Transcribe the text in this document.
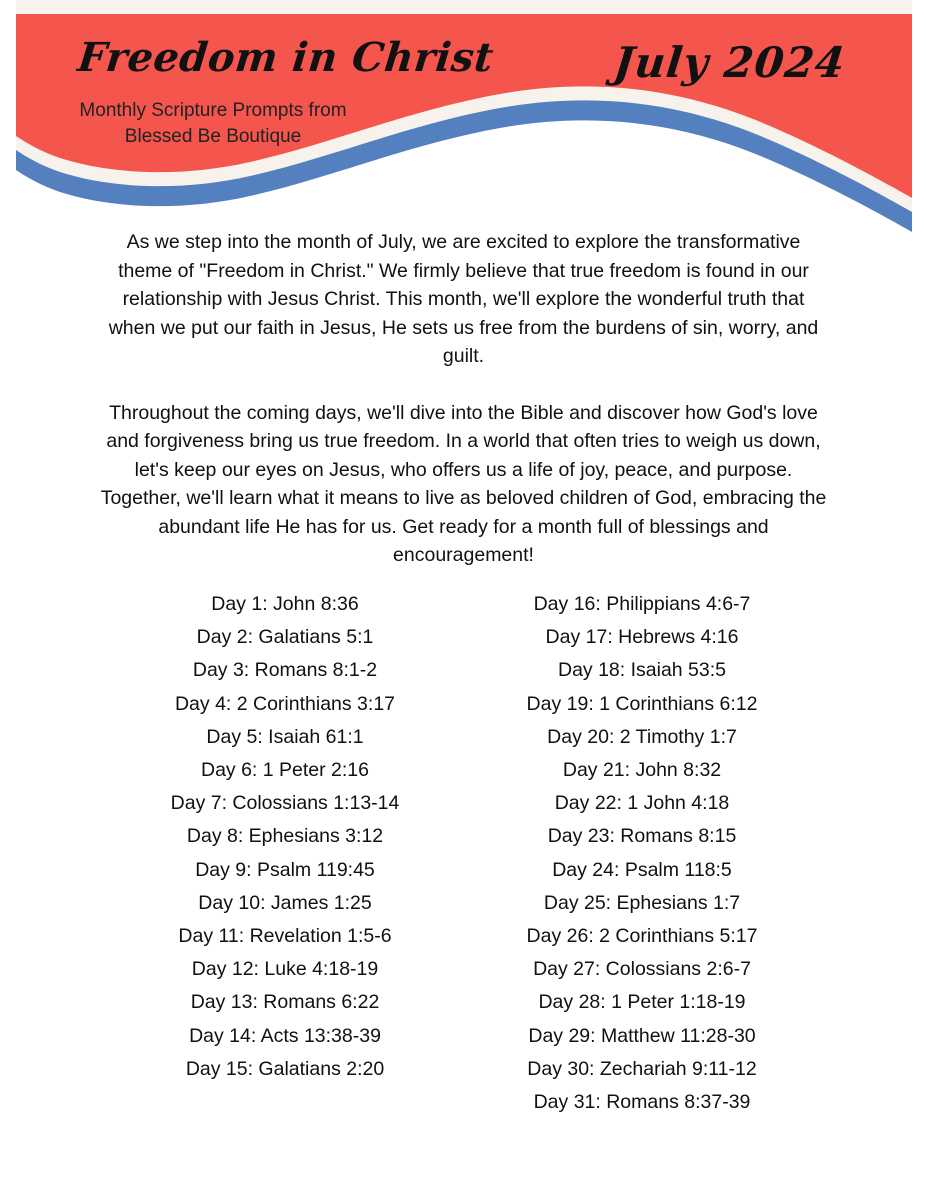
Freedom in Christ	July 2024
Monthly Scripture Prompts from
Blessed Be Boutique

As we step into the month of July, we are excited to explore the transformative theme of "Freedom in Christ." We firmly believe that true freedom is found in our relationship with Jesus Christ. This month, we'll explore the wonderful truth that when we put our faith in Jesus, He sets us free from the burdens of sin, worry, and guilt.

Throughout the coming days, we'll dive into the Bible and discover how God's love and forgiveness bring us true freedom. In a world that often tries to weigh us down, let's keep our eyes on Jesus, who offers us a life of joy, peace, and purpose. Together, we'll learn what it means to live as beloved children of God, embracing the abundant life He has for us. Get ready for a month full of blessings and encouragement!

Day 1: John 8:36
Day 2: Galatians 5:1
Day 3: Romans 8:1-2
Day 4: 2 Corinthians 3:17
Day 5: Isaiah 61:1
Day 6: 1 Peter 2:16
Day 7: Colossians 1:13-14
Day 8: Ephesians 3:12
Day 9: Psalm 119:45
Day 10: James 1:25
Day 11: Revelation 1:5-6
Day 12: Luke 4:18-19
Day 13: Romans 6:22
Day 14: Acts 13:38-39
Day 15: Galatians 2:20
Day 16: Philippians 4:6-7
Day 17: Hebrews 4:16
Day 18: Isaiah 53:5
Day 19: 1 Corinthians 6:12
Day 20: 2 Timothy 1:7
Day 21: John 8:32
Day 22: 1 John 4:18
Day 23: Romans 8:15
Day 24: Psalm 118:5
Day 25: Ephesians 1:7
Day 26: 2 Corinthians 5:17
Day 27: Colossians 2:6-7
Day 28: 1 Peter 1:18-19
Day 29: Matthew 11:28-30
Day 30: Zechariah 9:11-12
Day 31: Romans 8:37-39
